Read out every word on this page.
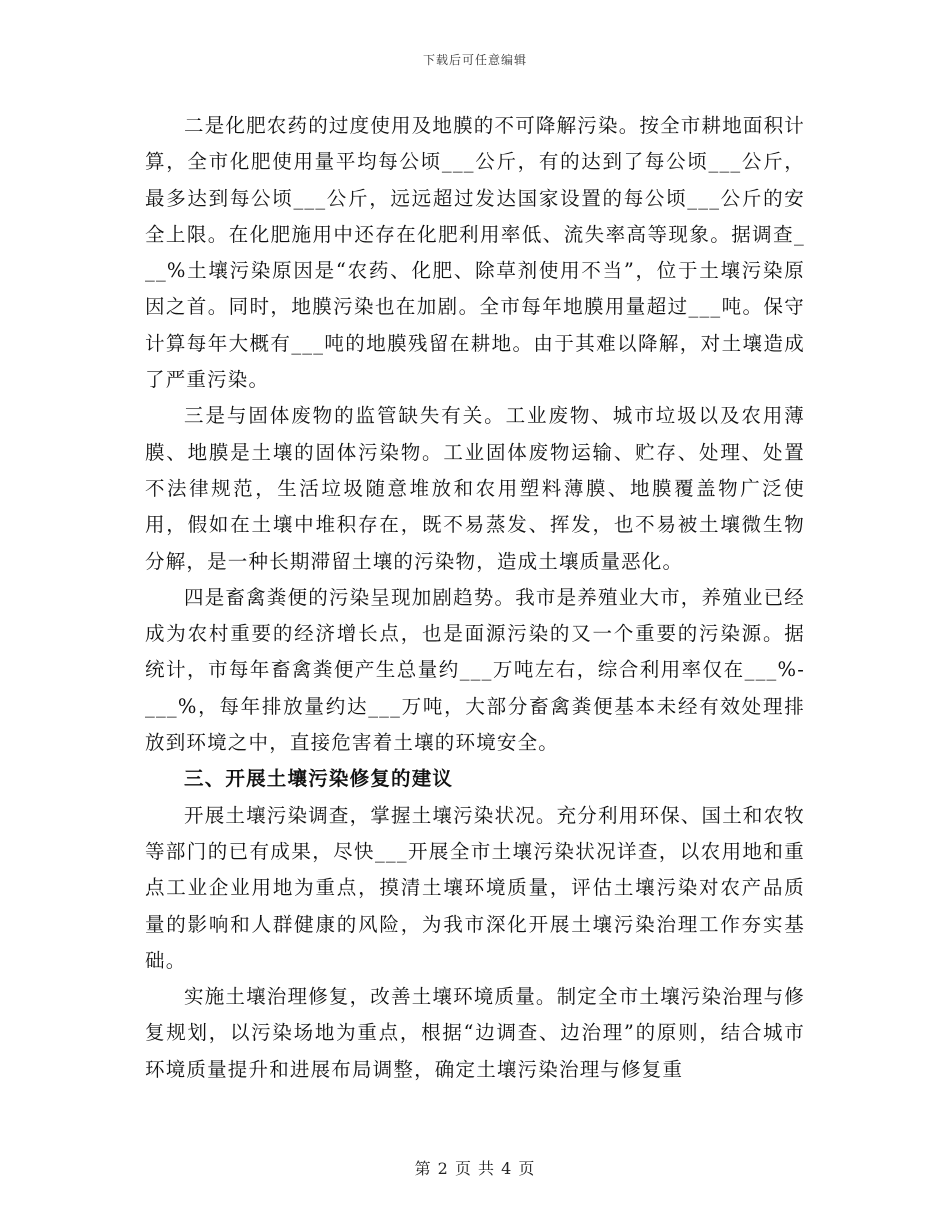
下载后可任意编辑

二是化肥农药的过度使用及地膜的不可降解污染。按全市耕地面积计算，全市化肥使用量平均每公顷___公斤，有的达到了每公顷___公斤，最多达到每公顷___公斤，远远超过发达国家设置的每公顷___公斤的安全上限。在化肥施用中还存在化肥利用率低、流失率高等现象。据调查___%土壤污染原因是“农药、化肥、除草剂使用不当”，位于土壤污染原因之首。同时，地膜污染也在加剧。全市每年地膜用量超过___吨。保守计算每年大概有___吨的地膜残留在耕地。由于其难以降解，对土壤造成了严重污染。

三是与固体废物的监管缺失有关。工业废物、城市垃圾以及农用薄膜、地膜是土壤的固体污染物。工业固体废物运输、贮存、处理、处置不法律规范，生活垃圾随意堆放和农用塑料薄膜、地膜覆盖物广泛使用，假如在土壤中堆积存在，既不易蒸发、挥发，也不易被土壤微生物分解，是一种长期滞留土壤的污染物，造成土壤质量恶化。

四是畜禽粪便的污染呈现加剧趋势。我市是养殖业大市，养殖业已经成为农村重要的经济增长点，也是面源污染的又一个重要的污染源。据统计，市每年畜禽粪便产生总量约___万吨左右，综合利用率仅在___%-___%，每年排放量约达___万吨，大部分畜禽粪便基本未经有效处理排放到环境之中，直接危害着土壤的环境安全。

三、开展土壤污染修复的建议

开展土壤污染调查，掌握土壤污染状况。充分利用环保、国土和农牧等部门的已有成果，尽快___开展全市土壤污染状况详查，以农用地和重点工业企业用地为重点，摸清土壤环境质量，评估土壤污染对农产品质量的影响和人群健康的风险，为我市深化开展土壤污染治理工作夯实基础。

实施土壤治理修复，改善土壤环境质量。制定全市土壤污染治理与修复规划，以污染场地为重点，根据“边调查、边治理”的原则，结合城市环境质量提升和进展布局调整，确定土壤污染治理与修复重

第 2 页 共 4 页
